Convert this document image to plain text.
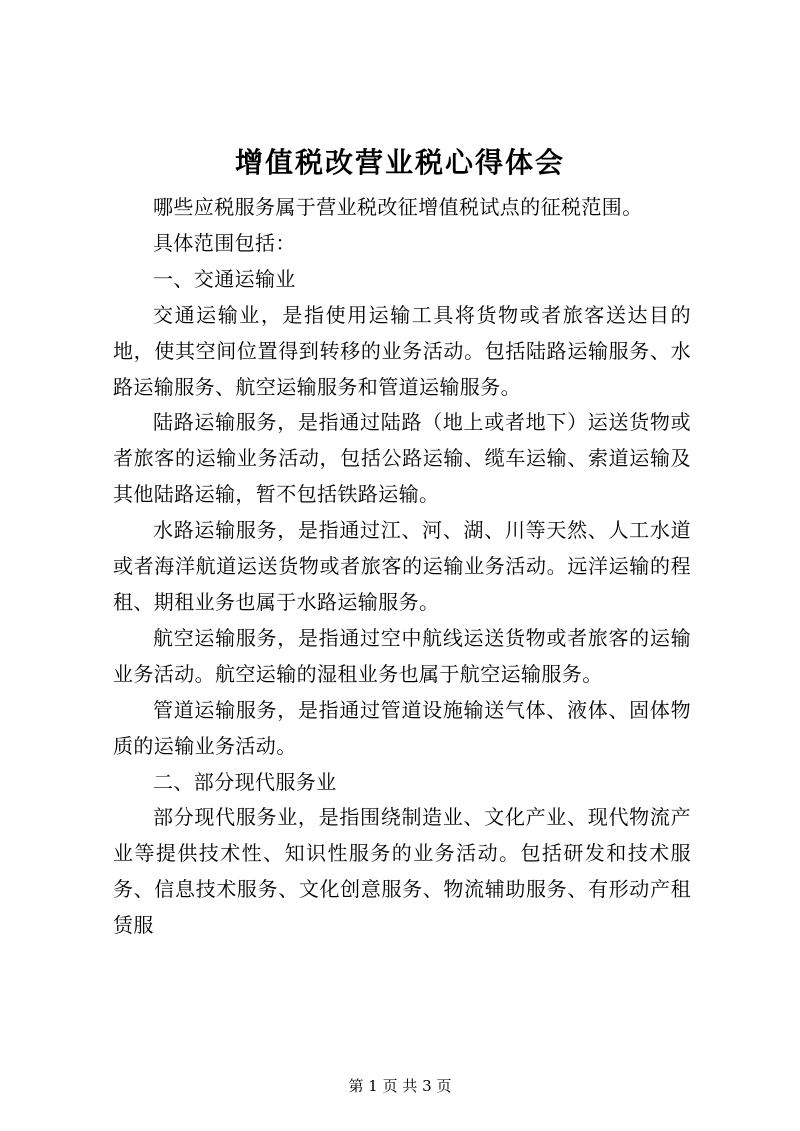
增值税改营业税心得体会

哪些应税服务属于营业税改征增值税试点的征税范围。

具体范围包括：

一、交通运输业

交通运输业，是指使用运输工具将货物或者旅客送达目的地，使其空间位置得到转移的业务活动。包括陆路运输服务、水路运输服务、航空运输服务和管道运输服务。

陆路运输服务，是指通过陆路（地上或者地下）运送货物或者旅客的运输业务活动，包括公路运输、缆车运输、索道运输及其他陆路运输，暂不包括铁路运输。

水路运输服务，是指通过江、河、湖、川等天然、人工水道或者海洋航道运送货物或者旅客的运输业务活动。远洋运输的程租、期租业务也属于水路运输服务。

航空运输服务，是指通过空中航线运送货物或者旅客的运输业务活动。航空运输的湿租业务也属于航空运输服务。

管道运输服务，是指通过管道设施输送气体、液体、固体物质的运输业务活动。

二、部分现代服务业

部分现代服务业，是指围绕制造业、文化产业、现代物流产业等提供技术性、知识性服务的业务活动。包括研发和技术服务、信息技术服务、文化创意服务、物流辅助服务、有形动产租赁服

第 1 页 共 3 页
